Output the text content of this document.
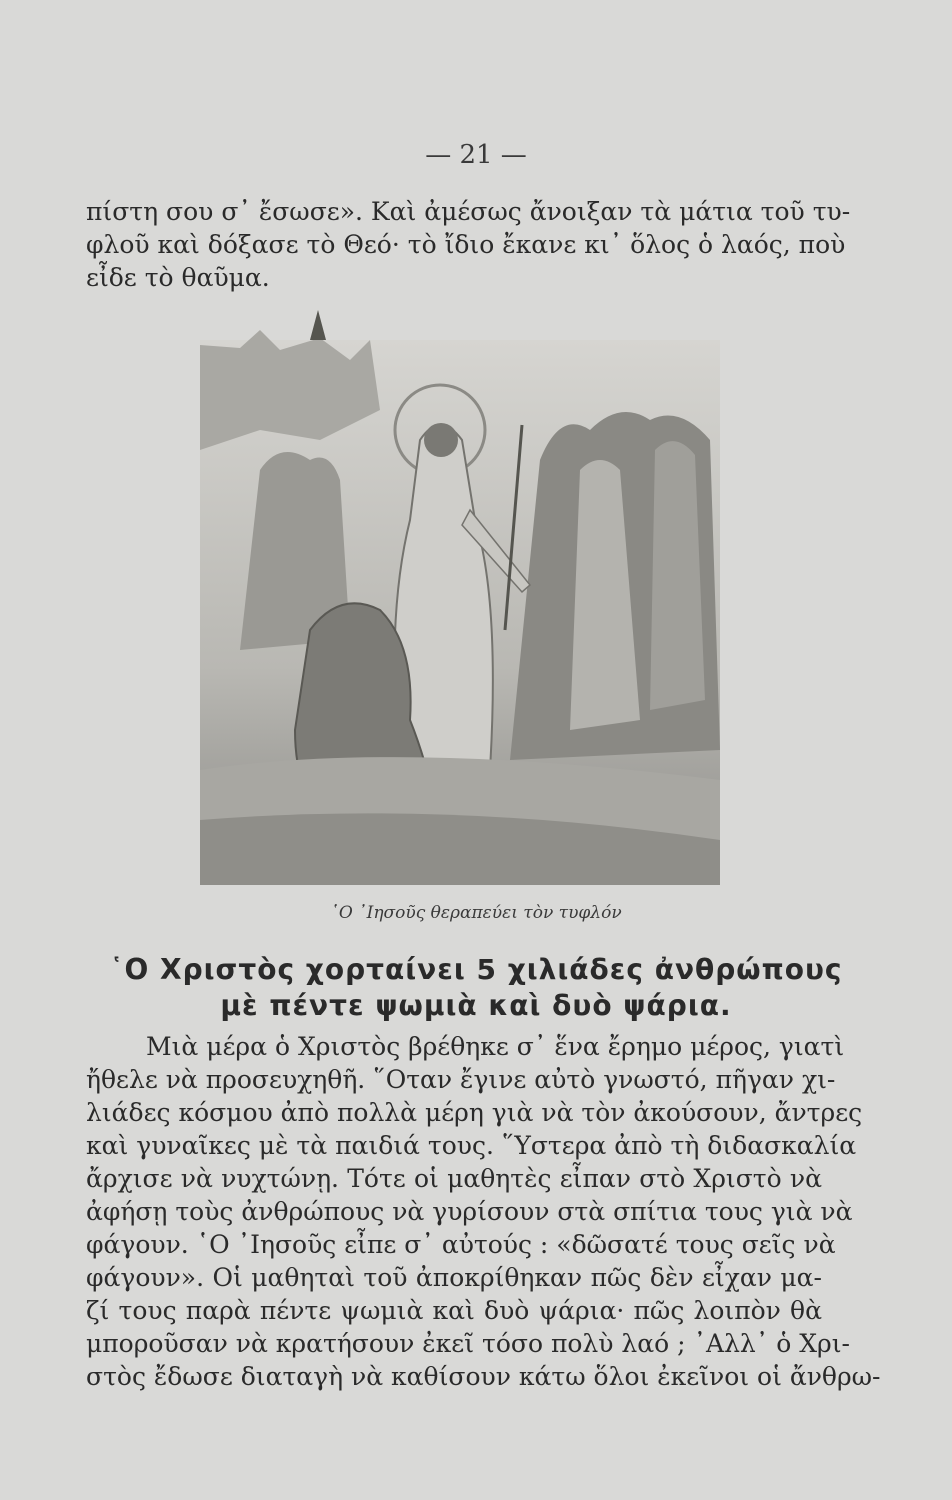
— 21 —
πίστη σου σ᾿ ἔσωσε». Καὶ ἀμέσως ἄνοιξαν τὰ μάτια τοῦ τυ-
φλοῦ καὶ δόξασε τὸ Θεό· τὸ ἴδιο ἔκανε κι᾿ ὅλος ὁ λαός, ποὺ
εἶδε τὸ θαῦμα.
῾Ο ᾿Ιησοῦς θεραπεύει τὸν τυφλόν
῾Ο Χριστὸς χορταίνει 5 χιλιάδες ἀνθρώπους
μὲ πέντε ψωμιὰ καὶ δυὸ ψάρια.
Μιὰ μέρα ὁ Χριστὸς βρέθηκε σ᾿ ἕνα ἔρημο μέρος, γιατὶ
ἤθελε νὰ προσευχηθῆ. ῞Οταν ἔγινε αὐτὸ γνωστό, πῆγαν χι-
λιάδες κόσμου ἀπὸ πολλὰ μέρη γιὰ νὰ τὸν ἀκούσουν, ἄντρες
καὶ γυναῖκες μὲ τὰ παιδιά τους. ῞Υστερα ἀπὸ τὴ διδασκαλία
ἄρχισε νὰ νυχτώνῃ. Τότε οἱ μαθητὲς εἶπαν στὸ Χριστὸ νὰ
ἀφήσῃ τοὺς ἀνθρώπους νὰ γυρίσουν στὰ σπίτια τους γιὰ νὰ
φάγουν. ῾Ο ᾿Ιησοῦς εἶπε σ᾿ αὐτούς : «δῶσατέ τους σεῖς νὰ
φάγουν». Οἱ μαθηταὶ τοῦ ἀποκρίθηκαν πῶς δὲν εἶχαν μα-
ζί τους παρὰ πέντε ψωμιὰ καὶ δυὸ ψάρια· πῶς λοιπὸν θὰ
μποροῦσαν νὰ κρατήσουν ἐκεῖ τόσο πολὺ λαό ; ᾿Αλλ᾿ ὁ Χρι-
στὸς ἔδωσε διαταγὴ νὰ καθίσουν κάτω ὅλοι ἐκεῖνοι οἱ ἄνθρω-
